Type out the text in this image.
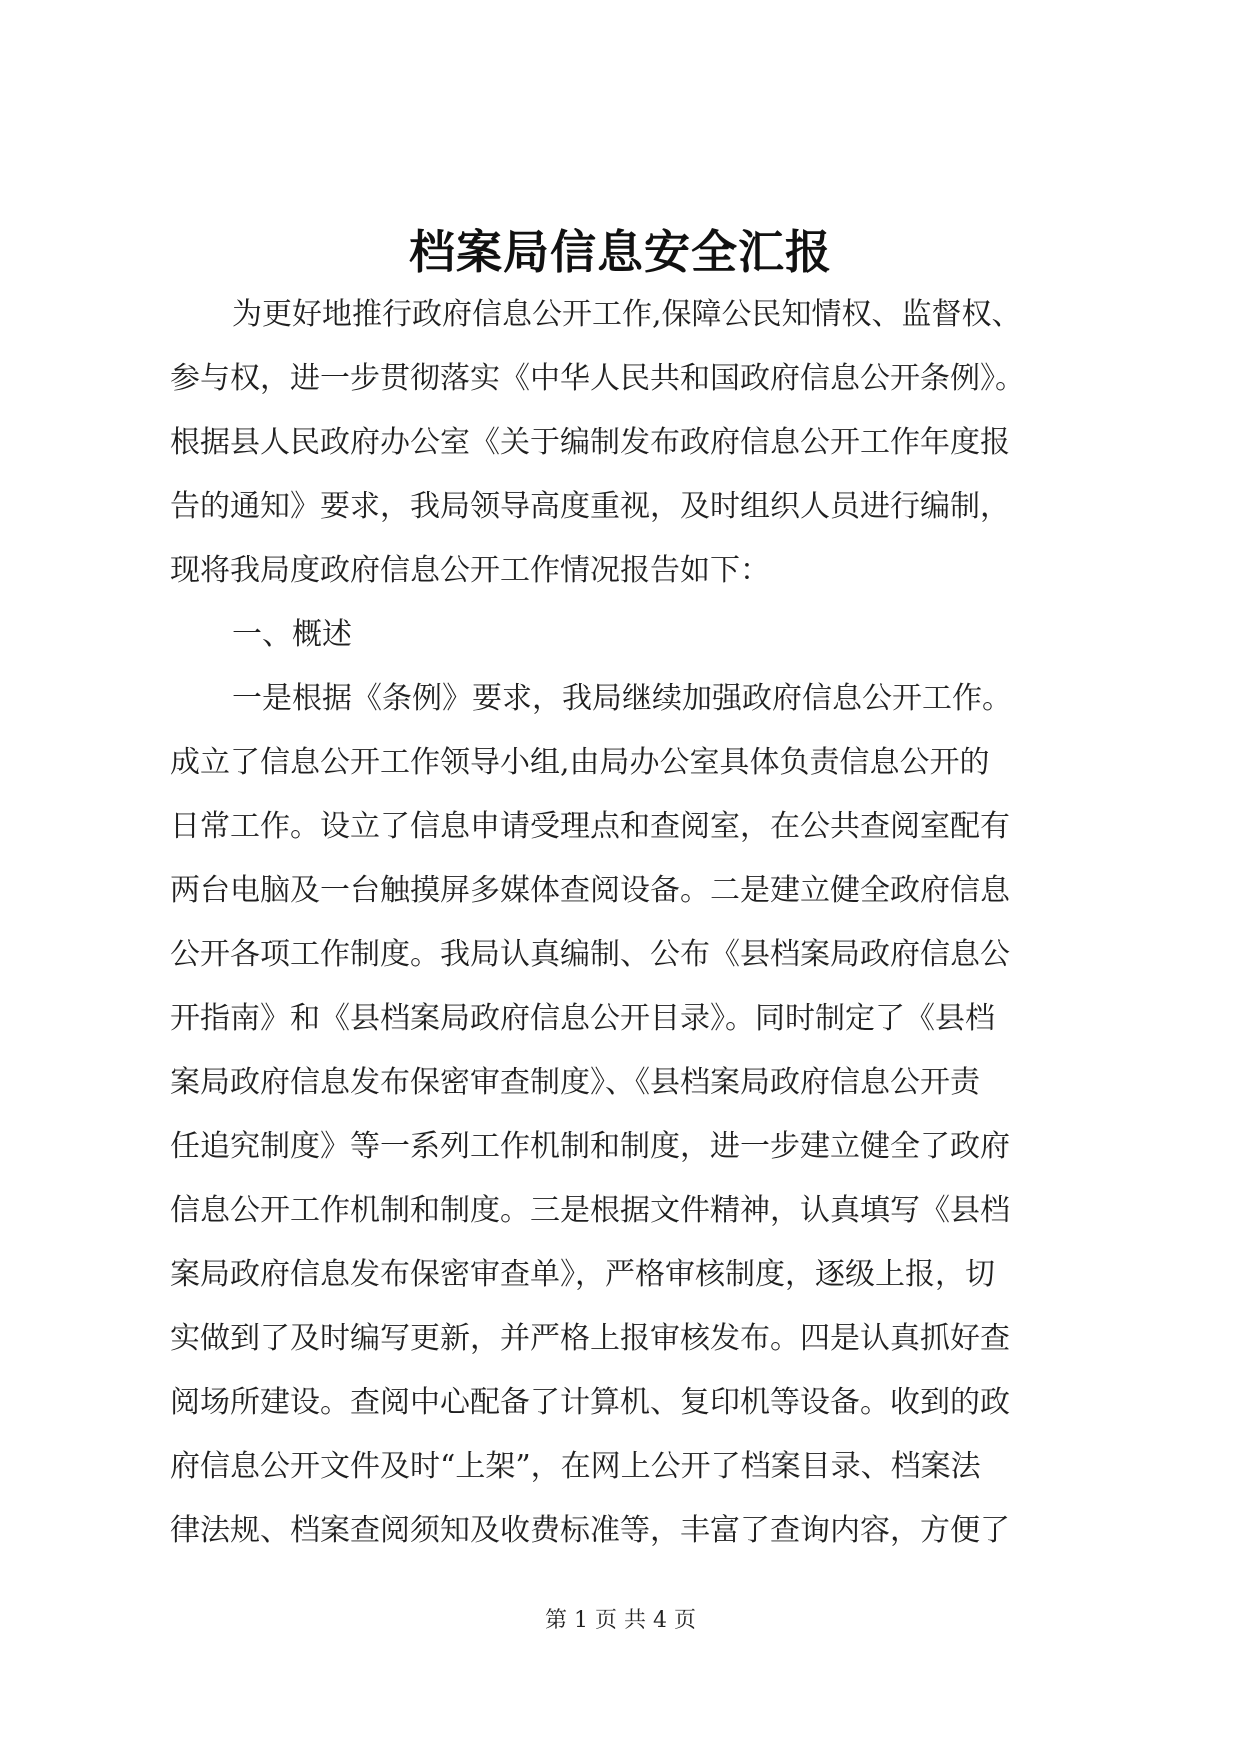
档案局信息安全汇报
为更好地推行政府信息公开工作,保障公民知情权、监督权、
参与权，进一步贯彻落实《中华人民共和国政府信息公开条例》。
根据县人民政府办公室《关于编制发布政府信息公开工作年度报
告的通知》要求，我局领导高度重视，及时组织人员进行编制，
现将我局度政府信息公开工作情况报告如下：
一、概述
一是根据《条例》要求，我局继续加强政府信息公开工作。
成立了信息公开工作领导小组,由局办公室具体负责信息公开的
日常工作。设立了信息申请受理点和查阅室，在公共查阅室配有
两台电脑及一台触摸屏多媒体查阅设备。二是建立健全政府信息
公开各项工作制度。我局认真编制、公布《县档案局政府信息公
开指南》和《县档案局政府信息公开目录》。同时制定了《县档
案局政府信息发布保密审查制度》、《县档案局政府信息公开责
任追究制度》等一系列工作机制和制度，进一步建立健全了政府
信息公开工作机制和制度。三是根据文件精神，认真填写《县档
案局政府信息发布保密审查单》，严格审核制度，逐级上报，切
实做到了及时编写更新，并严格上报审核发布。四是认真抓好查
阅场所建设。查阅中心配备了计算机、复印机等设备。收到的政
府信息公开文件及时“上架”，在网上公开了档案目录、档案法
律法规、档案查阅须知及收费标准等，丰富了查询内容，方便了
第 1 页 共 4 页
